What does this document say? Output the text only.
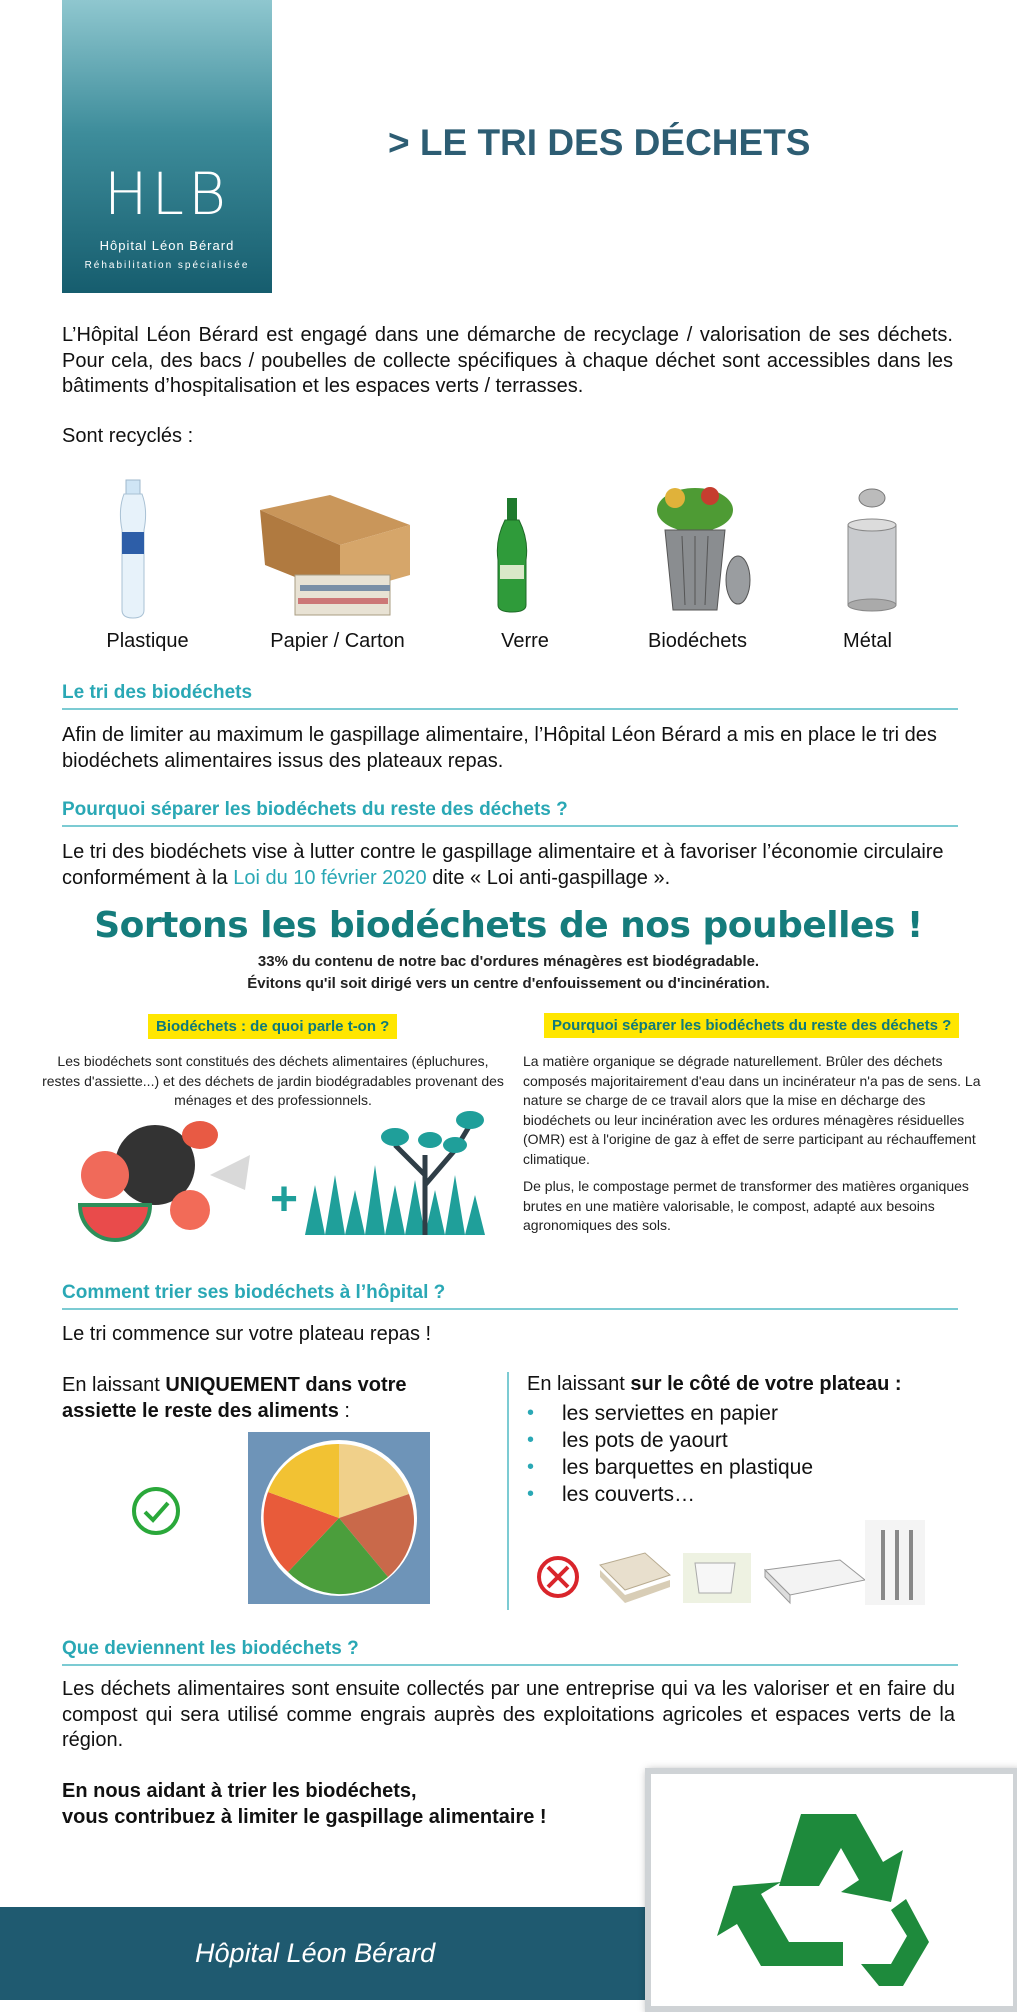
HLB
Hôpital Léon Bérard
Réhabilitation spécialisée
> LE TRI DES DÉCHETS
L’Hôpital Léon Bérard est engagé dans une démarche de recyclage / valorisation de ses déchets. Pour cela, des bacs / poubelles de collecte spécifiques à chaque déchet sont accessibles dans les bâtiments d’hospitalisation et les espaces verts / terrasses.
Sont recyclés :
Plastique	Papier / Carton	Verre	Biodéchets	Métal
Le tri des biodéchets
Afin de limiter au maximum le gaspillage alimentaire, l’Hôpital Léon Bérard a mis en place le tri des biodéchets alimentaires issus des plateaux repas.
Pourquoi séparer les biodéchets du reste des déchets ?
Le tri des biodéchets vise à lutter contre le gaspillage alimentaire et à favoriser l’économie circulaire conformément à la Loi du 10 février 2020 dite « Loi anti-gaspillage ».
Sortons les biodéchets de nos poubelles !
33% du contenu de notre bac d'ordures ménagères est biodégradable.
Évitons qu'il soit dirigé vers un centre d'enfouissement ou d'incinération.
Biodéchets : de quoi parle t-on ?
Les biodéchets sont constitués des déchets alimentaires (épluchures, restes d'assiette...) et des déchets de jardin biodégradables provenant des ménages et des professionnels.
+
Pourquoi séparer les biodéchets du reste des déchets ?
La matière organique se dégrade naturellement. Brûler des déchets composés majoritairement d'eau dans un incinérateur n'a pas de sens. La nature se charge de ce travail alors que la mise en décharge des biodéchets ou leur incinération avec les ordures ménagères résiduelles (OMR) est à l'origine de gaz à effet de serre participant au réchauffement climatique.
De plus, le compostage permet de transformer des matières organiques brutes en une matière valorisable, le compost, adapté aux besoins agronomiques des sols.
Comment trier ses biodéchets à l’hôpital ?
Le tri commence sur votre plateau repas !
En laissant UNIQUEMENT dans votre assiette le reste des aliments :
En laissant sur le côté de votre plateau :
• les serviettes en papier
• les pots de yaourt
• les barquettes en plastique
• les couverts…
Que deviennent les biodéchets ?
Les déchets alimentaires sont ensuite collectés par une entreprise qui va les valoriser et en faire du compost qui sera utilisé comme engrais auprès des exploitations agricoles et espaces verts de la région.
En nous aidant à trier les biodéchets,
vous contribuez à limiter le gaspillage alimentaire !
Hôpital Léon Bérard
